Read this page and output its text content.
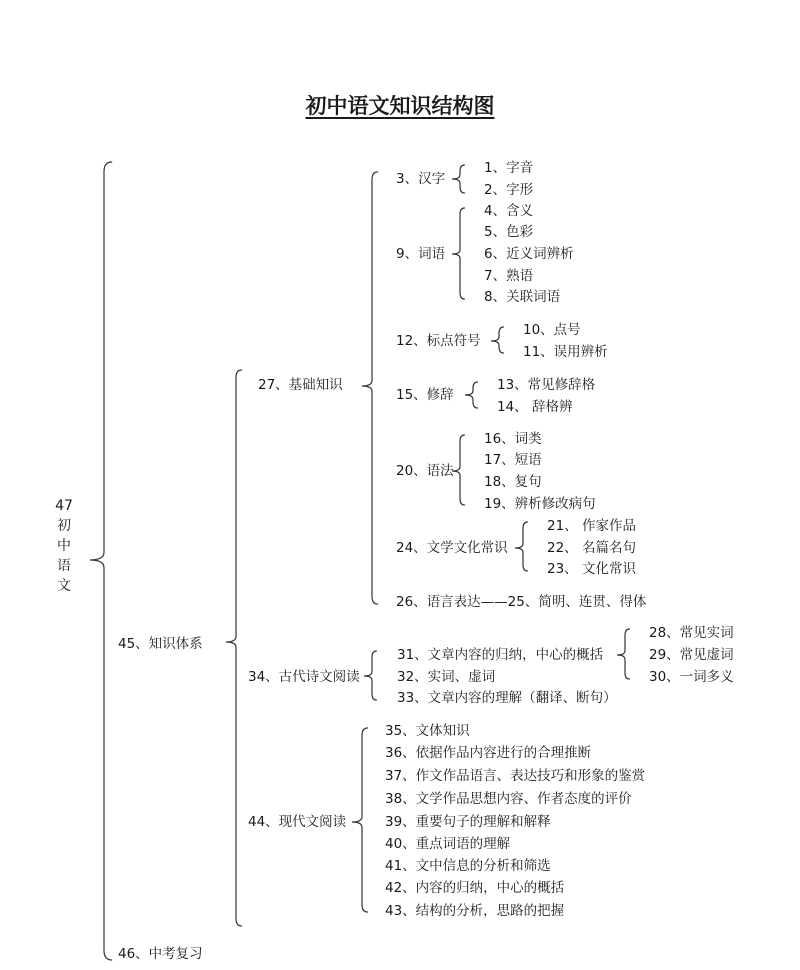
初中语文知识结构图
47
初
中
语
文
45、知识体系
46、中考复习
27、基础知识
34、古代诗文阅读
44、现代文阅读
3、汉字
1、字音
2、字形
9、词语
4、含义
5、色彩
6、近义词辨析
7、熟语
8、关联词语
12、标点符号
10、点号
11、误用辨析
15、修辞
13、常见修辞格
14、 辞格辨
20、语法
16、词类
17、短语
18、复句
19、辨析修改病句
24、文学文化常识
21、 作家作品
22、 名篇名句
23、 文化常识
26、语言表达——25、简明、连贯、得体
31、文章内容的归纳，中心的概括
32、实词、虚词
33、文章内容的理解（翻译、断句）
28、常见实词
29、常见虚词
30、一词多义
35、文体知识
36、依据作品内容进行的合理推断
37、作文作品语言、表达技巧和形象的鉴赏
38、文学作品思想内容、作者态度的评价
39、重要句子的理解和解释
40、重点词语的理解
41、文中信息的分析和筛选
42、内容的归纳，中心的概括
43、结构的分析，思路的把握
